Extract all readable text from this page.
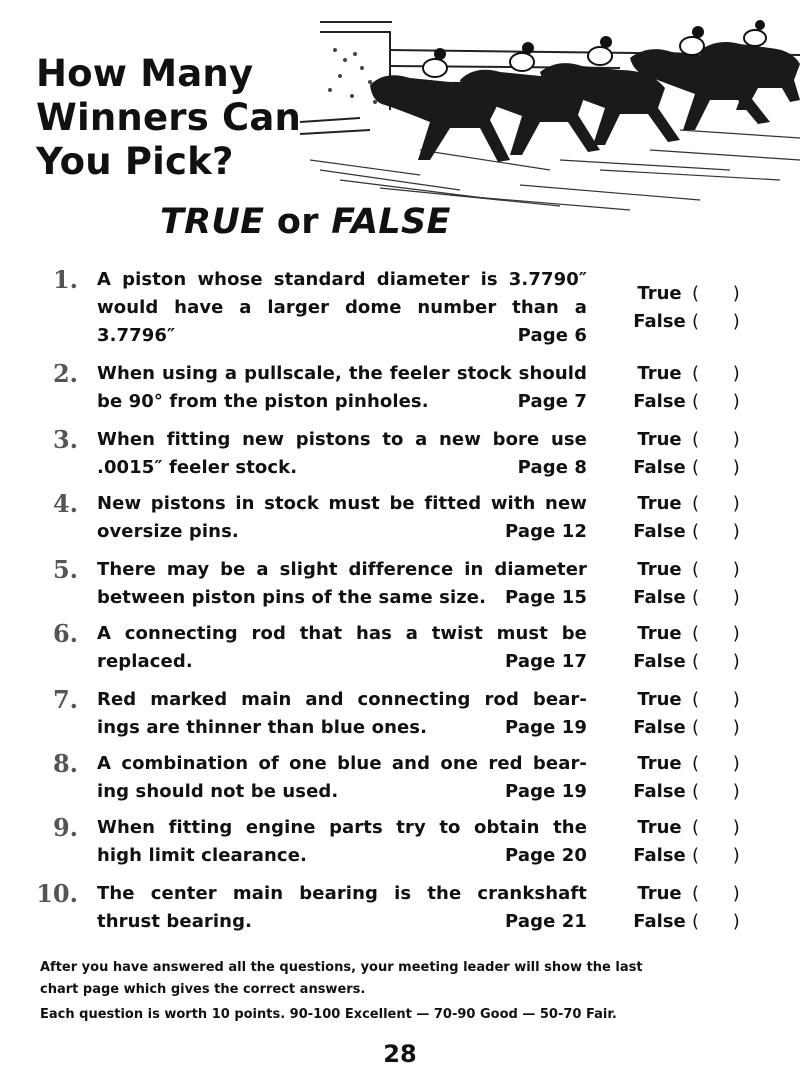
How Many
Winners Can
You Pick?
TRUE or FALSE
1. A piston whose standard diameter is 3.7790″
would have a larger dome number than a
3.7796″	Page 6
True ( )
False ( )
2. When using a pullscale, the feeler stock should
be 90° from the piston pinholes.	Page 7
True ( )
False ( )
3. When fitting new pistons to a new bore use
.0015″ feeler stock.	Page 8
True ( )
False ( )
4. New pistons in stock must be fitted with new
oversize pins.	Page 12
True ( )
False ( )
5. There may be a slight difference in diameter
between piston pins of the same size. Page 15
True ( )
False ( )
6. A connecting rod that has a twist must be
replaced.	Page 17
True ( )
False ( )
7. Red marked main and connecting rod bear-
ings are thinner than blue ones.	Page 19
True ( )
False ( )
8. A combination of one blue and one red bear-
ing should not be used.	Page 19
True ( )
False ( )
9. When fitting engine parts try to obtain the
high limit clearance.	Page 20
True ( )
False ( )
10. The center main bearing is the crankshaft
thrust bearing.	Page 21
True ( )
False ( )

After you have answered all the questions, your meeting leader will show the last

chart page which gives the correct answers.

Each question is worth 10 points. 90-100 Excellent — 70-90 Good — 50-70 Fair.

28
